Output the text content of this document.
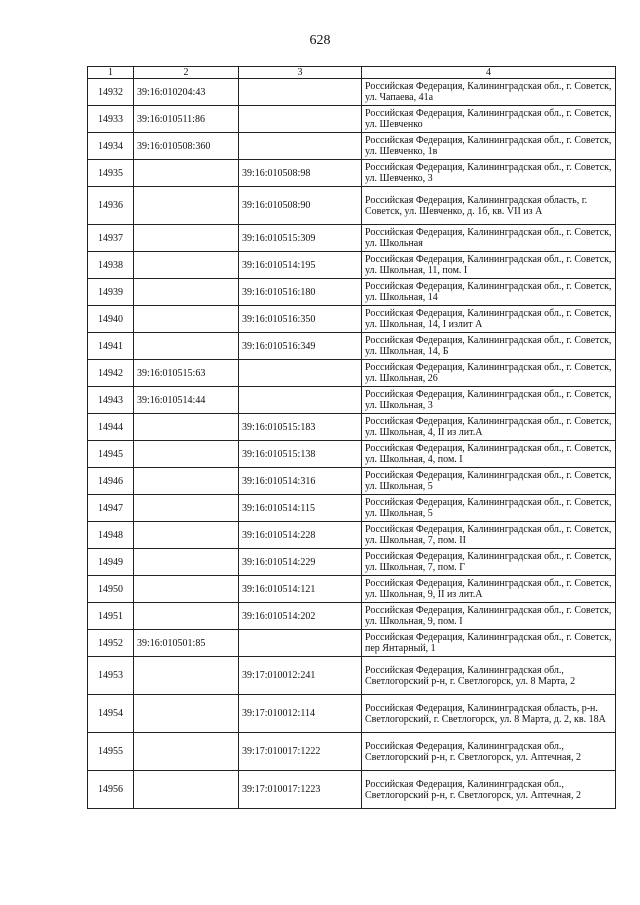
628
1	2	3	4
14932	39:16:010204:43		Российская Федерация, Калининградская обл., г. Советск, ул. Чапаева, 41а
14933	39:16:010511:86		Российская Федерация, Калининградская обл., г. Советск, ул. Шевченко
14934	39:16:010508:360		Российская Федерация, Калининградская обл., г. Советск, ул. Шевченко, 1в
14935		39:16:010508:98	Российская Федерация, Калининградская обл., г. Советск, ул. Шевченко, 3
14936		39:16:010508:90	Российская Федерация, Калининградская область, г. Советск, ул. Шевченко, д. 1б, кв. VII из А
14937		39:16:010515:309	Российская Федерация, Калининградская обл., г. Советск, ул. Школьная
14938		39:16:010514:195	Российская Федерация, Калининградская обл., г. Советск, ул. Школьная, 11, пом. I
14939		39:16:010516:180	Российская Федерация, Калининградская обл., г. Советск, ул. Школьная, 14
14940		39:16:010516:350	Российская Федерация, Калининградская обл., г. Советск, ул. Школьная, 14, I излит А
14941		39:16:010516:349	Российская Федерация, Калининградская обл., г. Советск, ул. Школьная, 14, Б
14942	39:16:010515:63		Российская Федерация, Калининградская обл., г. Советск, ул. Школьная, 26
14943	39:16:010514:44		Российская Федерация, Калининградская обл., г. Советск, ул. Школьная, 3
14944		39:16:010515:183	Российская Федерация, Калининградская обл., г. Советск, ул. Школьная, 4, II из лит.А
14945		39:16:010515:138	Российская Федерация, Калининградская обл., г. Советск, ул. Школьная, 4, пом. I
14946		39:16:010514:316	Российская Федерация, Калининградская обл., г. Советск, ул. Школьная, 5
14947		39:16:010514:115	Российская Федерация, Калининградская обл., г. Советск, ул. Школьная, 5
14948		39:16:010514:228	Российская Федерация, Калининградская обл., г. Советск, ул. Школьная, 7, пом. II
14949		39:16:010514:229	Российская Федерация, Калининградская обл., г. Советск, ул. Школьная, 7, пом. Г
14950		39:16:010514:121	Российская Федерация, Калининградская обл., г. Советск, ул. Школьная, 9, II из лит.А
14951		39:16:010514:202	Российская Федерация, Калининградская обл., г. Советск, ул. Школьная, 9, пом. I
14952	39:16:010501:85		Российская Федерация, Калининградская обл., г. Советск, пер Янтарный, 1
14953		39:17:010012:241	Российская Федерация, Калининградская обл., Светлогорский р-н, г. Светлогорск, ул. 8 Марта, 2
14954		39:17:010012:114	Российская Федерация, Калининградская область, р-н. Светлогорский, г. Светлогорск, ул. 8 Марта, д. 2, кв. 18А
14955		39:17:010017:1222	Российская Федерация, Калининградская обл., Светлогорский р-н, г. Светлогорск, ул. Аптечная, 2
14956		39:17:010017:1223	Российская Федерация, Калининградская обл., Светлогорский р-н, г. Светлогорск, ул. Аптечная, 2
